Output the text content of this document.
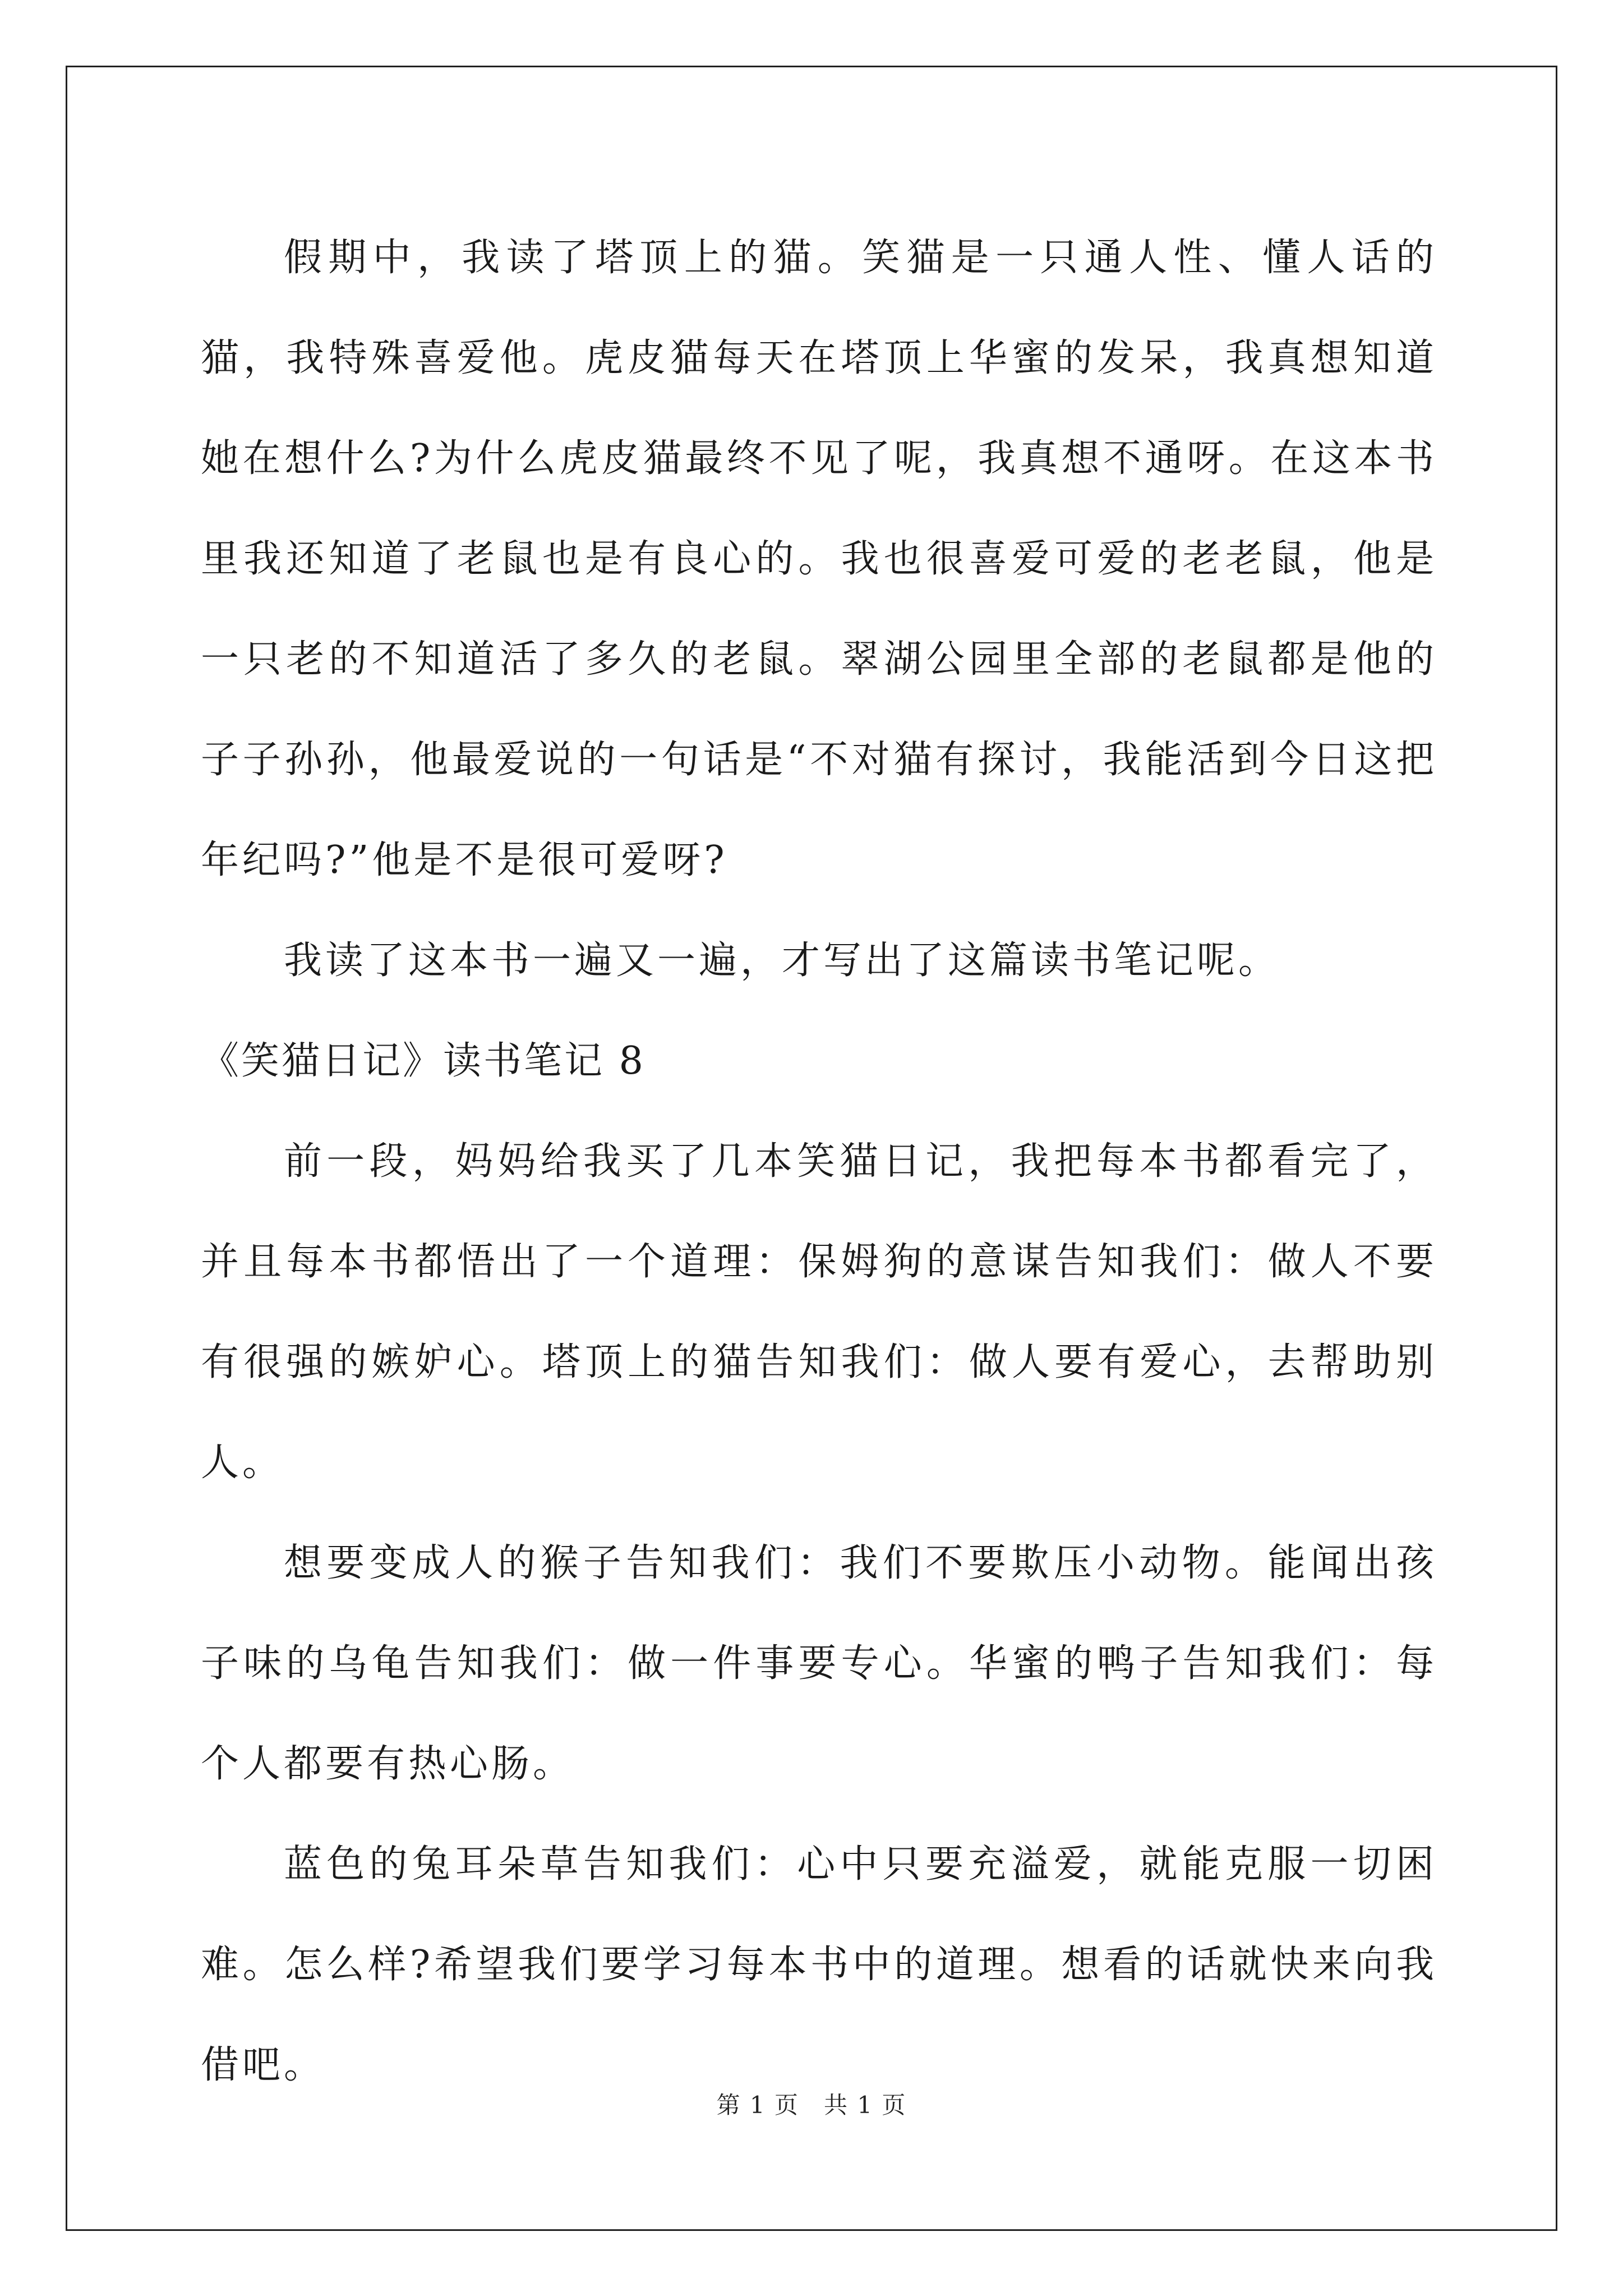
假期中，我读了塔顶上的猫。笑猫是一只通人性、懂人话的猫，我特殊喜爱他。虎皮猫每天在塔顶上华蜜的发呆，我真想知道她在想什么?为什么虎皮猫最终不见了呢，我真想不通呀。在这本书里我还知道了老鼠也是有良心的。我也很喜爱可爱的老老鼠，他是一只老的不知道活了多久的老鼠。翠湖公园里全部的老鼠都是他的子子孙孙，他最爱说的一句话是“不对猫有探讨，我能活到今日这把年纪吗?”他是不是很可爱呀?

我读了这本书一遍又一遍，才写出了这篇读书笔记呢。

《笑猫日记》读书笔记 8

前一段，妈妈给我买了几本笑猫日记，我把每本书都看完了，并且每本书都悟出了一个道理：保姆狗的意谋告知我们：做人不要有很强的嫉妒心。塔顶上的猫告知我们：做人要有爱心，去帮助别人。

想要变成人的猴子告知我们：我们不要欺压小动物。能闻出孩子味的乌龟告知我们：做一件事要专心。华蜜的鸭子告知我们：每个人都要有热心肠。

蓝色的兔耳朵草告知我们：心中只要充溢爱，就能克服一切困难。怎么样?希望我们要学习每本书中的道理。想看的话就快来向我借吧。

第 1 页　共 1 页
